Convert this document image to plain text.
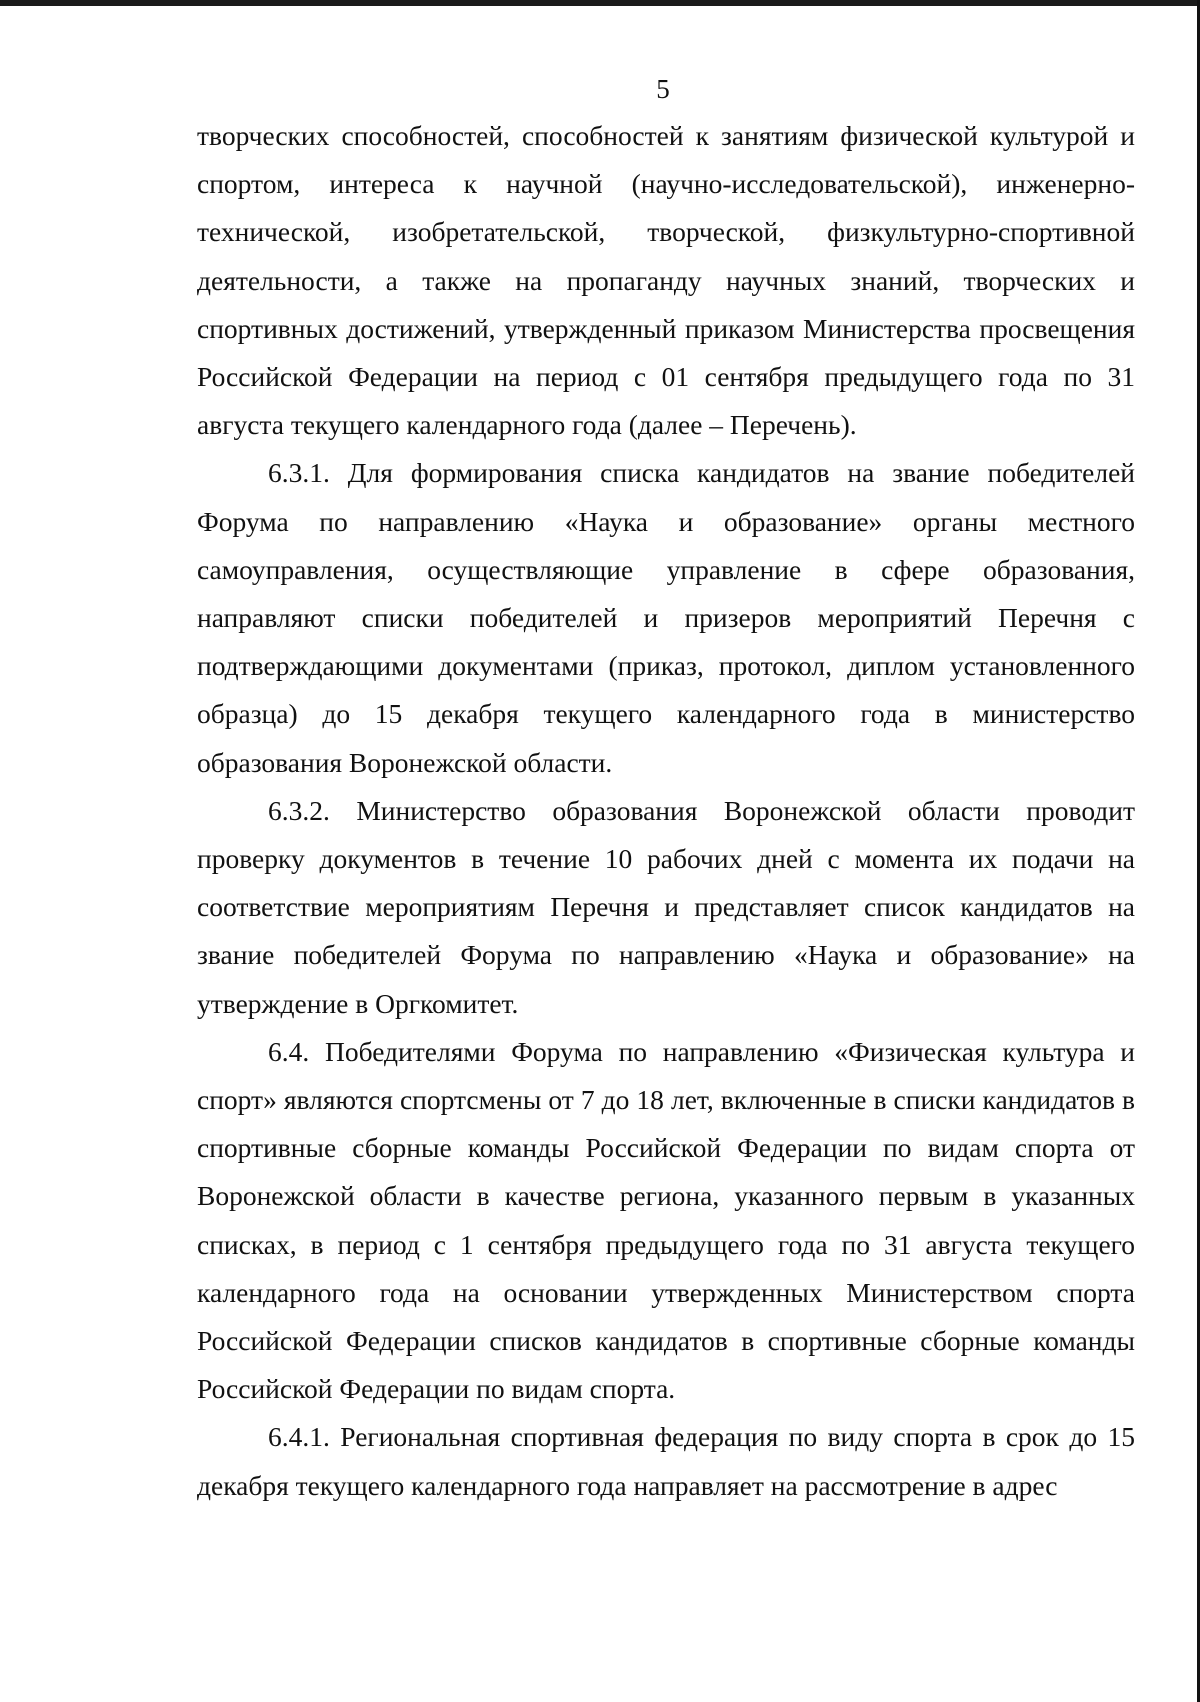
5

творческих способностей, способностей к занятиям физической культурой и спортом, интереса к научной (научно-исследовательской), инженерно-технической, изобретательской, творческой, физкультурно-спортивной деятельности, а также на пропаганду научных знаний, творческих и спортивных достижений, утвержденный приказом Министерства просвещения Российской Федерации на период с 01 сентября предыдущего года по 31 августа текущего календарного года (далее – Перечень).

6.3.1. Для формирования списка кандидатов на звание победителей Форума по направлению «Наука и образование» органы местного самоуправления, осуществляющие управление в сфере образования, направляют списки победителей и призеров мероприятий Перечня с подтверждающими документами (приказ, протокол, диплом установленного образца) до 15 декабря текущего календарного года в министерство образования Воронежской области.

6.3.2. Министерство образования Воронежской области проводит проверку документов в течение 10 рабочих дней с момента их подачи на соответствие мероприятиям Перечня и представляет список кандидатов на звание победителей Форума по направлению «Наука и образование» на утверждение в Оргкомитет.

6.4. Победителями Форума по направлению «Физическая культура и спорт» являются спортсмены от 7 до 18 лет, включенные в списки кандидатов в спортивные сборные команды Российской Федерации по видам спорта от Воронежской области в качестве региона, указанного первым в указанных списках, в период с 1 сентября предыдущего года по 31 августа текущего календарного года на основании утвержденных Министерством спорта Российской Федерации списков кандидатов в спортивные сборные команды Российской Федерации по видам спорта.

6.4.1. Региональная спортивная федерация по виду спорта в срок до 15 декабря текущего календарного года направляет на рассмотрение в адрес
